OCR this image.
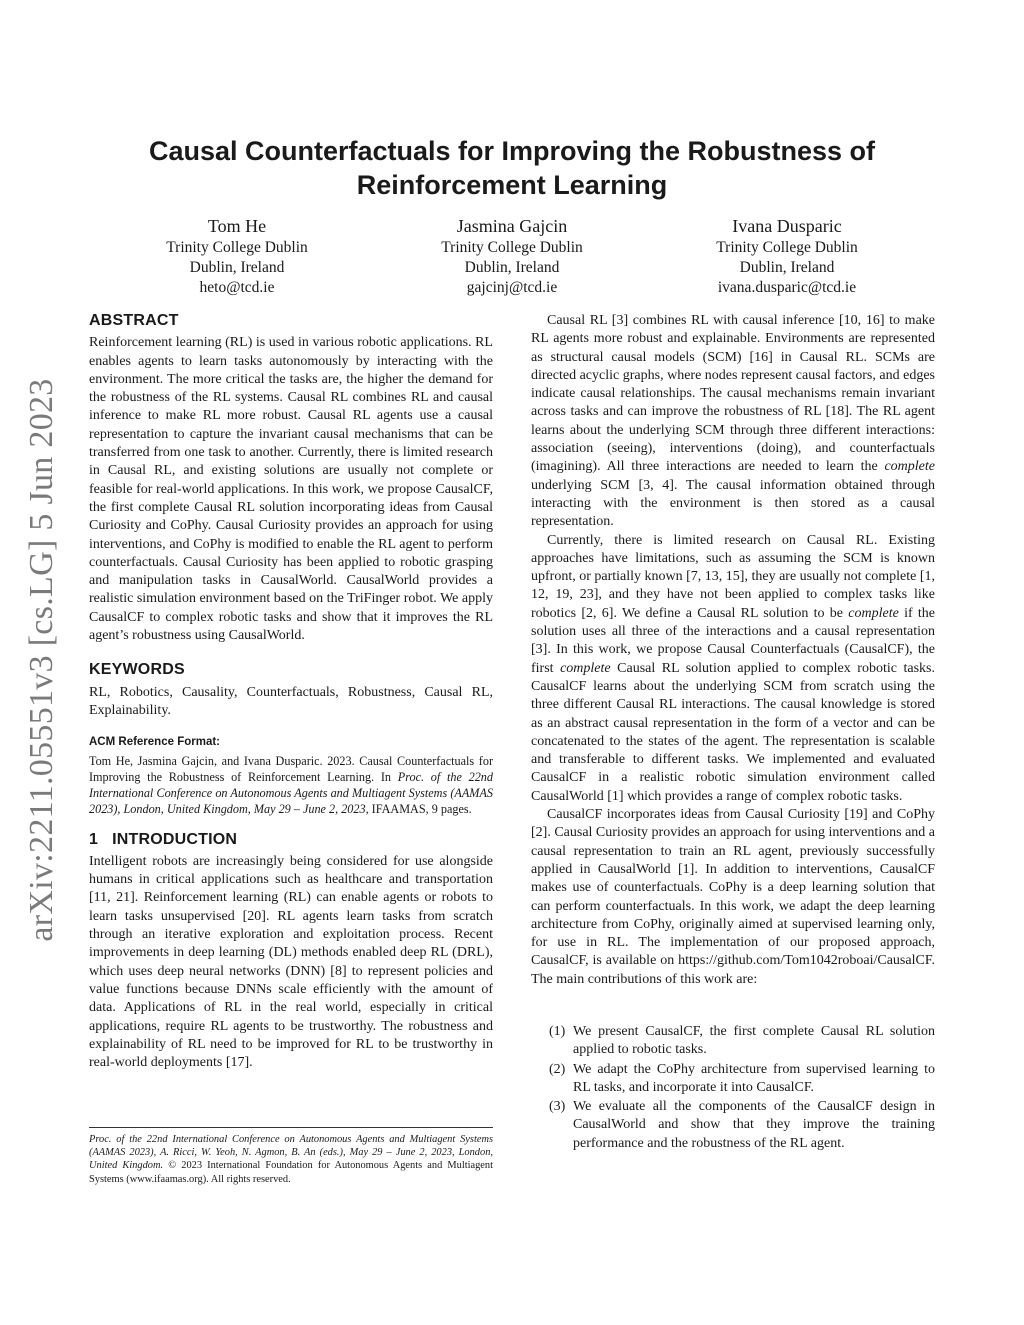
arXiv:2211.05551v3 [cs.LG] 5 Jun 2023
Causal Counterfactuals for Improving the Robustness of Reinforcement Learning
Tom He
Trinity College Dublin
Dublin, Ireland
heto@tcd.ie
Jasmina Gajcin
Trinity College Dublin
Dublin, Ireland
gajcinj@tcd.ie
Ivana Dusparic
Trinity College Dublin
Dublin, Ireland
ivana.dusparic@tcd.ie
ABSTRACT

Reinforcement learning (RL) is used in various robotic applications. RL enables agents to learn tasks autonomously by interacting with the environment. The more critical the tasks are, the higher the demand for the robustness of the RL systems. Causal RL combines RL and causal inference to make RL more robust. Causal RL agents use a causal representation to capture the invariant causal mechanisms that can be transferred from one task to another. Currently, there is limited research in Causal RL, and existing solutions are usually not complete or feasible for real-world applications. In this work, we propose CausalCF, the first complete Causal RL solution incorporating ideas from Causal Curiosity and CoPhy. Causal Curiosity provides an approach for using interventions, and CoPhy is modified to enable the RL agent to perform counterfactuals. Causal Curiosity has been applied to robotic grasping and manipulation tasks in CausalWorld. CausalWorld provides a realistic simulation environment based on the TriFinger robot. We apply CausalCF to complex robotic tasks and show that it improves the RL agent’s robustness using CausalWorld.

KEYWORDS

RL, Robotics, Causality, Counterfactuals, Robustness, Causal RL, Explainability.

ACM Reference Format:

Tom He, Jasmina Gajcin, and Ivana Dusparic. 2023. Causal Counterfactuals for Improving the Robustness of Reinforcement Learning. In Proc. of the 22nd International Conference on Autonomous Agents and Multiagent Systems (AAMAS 2023), London, United Kingdom, May 29 – June 2, 2023, IFAAMAS, 9 pages.

1 INTRODUCTION

Intelligent robots are increasingly being considered for use alongside humans in critical applications such as healthcare and transportation [11, 21]. Reinforcement learning (RL) can enable agents or robots to learn tasks unsupervised [20]. RL agents learn tasks from scratch through an iterative exploration and exploitation process. Recent improvements in deep learning (DL) methods enabled deep RL (DRL), which uses deep neural networks (DNN) [8] to represent policies and value functions because DNNs scale efficiently with the amount of data. Applications of RL in the real world, especially in critical applications, require RL agents to be trustworthy. The robustness and explainability of RL need to be improved for RL to be trustworthy in real-world deployments [17].

Proc. of the 22nd International Conference on Autonomous Agents and Multiagent Systems (AAMAS 2023), A. Ricci, W. Yeoh, N. Agmon, B. An (eds.), May 29 – June 2, 2023, London, United Kingdom. © 2023 International Foundation for Autonomous Agents and Multiagent Systems (www.ifaamas.org). All rights reserved.

Causal RL [3] combines RL with causal inference [10, 16] to make RL agents more robust and explainable. Environments are represented as structural causal models (SCM) [16] in Causal RL. SCMs are directed acyclic graphs, where nodes represent causal factors, and edges indicate causal relationships. The causal mechanisms remain invariant across tasks and can improve the robustness of RL [18]. The RL agent learns about the underlying SCM through three different interactions: association (seeing), interventions (doing), and counterfactuals (imagining). All three interactions are needed to learn the complete underlying SCM [3, 4]. The causal information obtained through interacting with the environment is then stored as a causal representation.

Currently, there is limited research on Causal RL. Existing approaches have limitations, such as assuming the SCM is known upfront, or partially known [7, 13, 15], they are usually not complete [1, 12, 19, 23], and they have not been applied to complex tasks like robotics [2, 6]. We define a Causal RL solution to be complete if the solution uses all three of the interactions and a causal representation [3]. In this work, we propose Causal Counterfactuals (CausalCF), the first complete Causal RL solution applied to complex robotic tasks. CausalCF learns about the underlying SCM from scratch using the three different Causal RL interactions. The causal knowledge is stored as an abstract causal representation in the form of a vector and can be concatenated to the states of the agent. The representation is scalable and transferable to different tasks. We implemented and evaluated CausalCF in a realistic robotic simulation environment called CausalWorld [1] which provides a range of complex robotic tasks.

CausalCF incorporates ideas from Causal Curiosity [19] and CoPhy [2]. Causal Curiosity provides an approach for using interventions and a causal representation to train an RL agent, previously successfully applied in CausalWorld [1]. In addition to interventions, CausalCF makes use of counterfactuals. CoPhy is a deep learning solution that can perform counterfactuals. In this work, we adapt the deep learning architecture from CoPhy, originally aimed at supervised learning only, for use in RL. The implementation of our proposed approach, CausalCF, is available on https://github.com/Tom1042roboai/CausalCF. The main contributions of this work are:

(1) We present CausalCF, the first complete Causal RL solution applied to robotic tasks.
(2) We adapt the CoPhy architecture from supervised learning to RL tasks, and incorporate it into CausalCF.
(3) We evaluate all the components of the CausalCF design in CausalWorld and show that they improve the training performance and the robustness of the RL agent.
